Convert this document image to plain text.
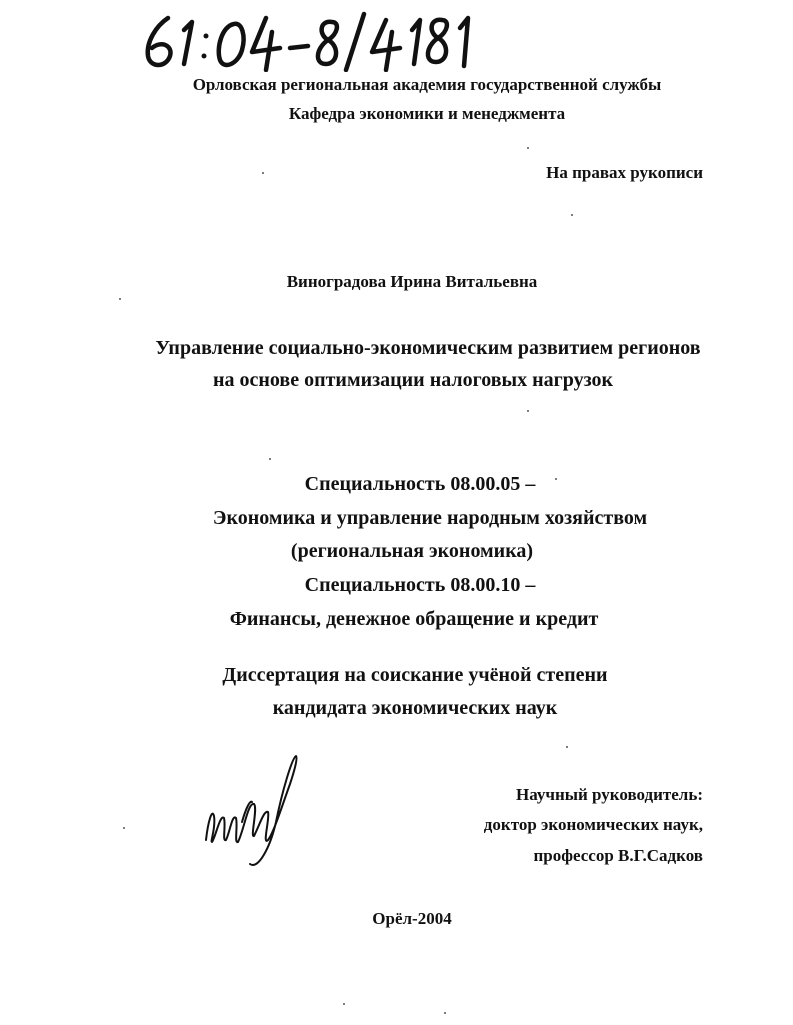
Орловская региональная академия государственной службы
Кафедра экономики и менеджмента
На правах рукописи
Виноградова Ирина Витальевна
Управление социально-экономическим развитием регионов
на основе оптимизации налоговых нагрузок
Специальность 08.00.05 –
Экономика и управление народным хозяйством
(региональная экономика)
Специальность 08.00.10 –
Финансы, денежное обращение и кредит
Диссертация на соискание учёной степени
кандидата экономических наук
Научный руководитель:
доктор экономических наук,
профессор В.Г.Садков
Орёл-2004
